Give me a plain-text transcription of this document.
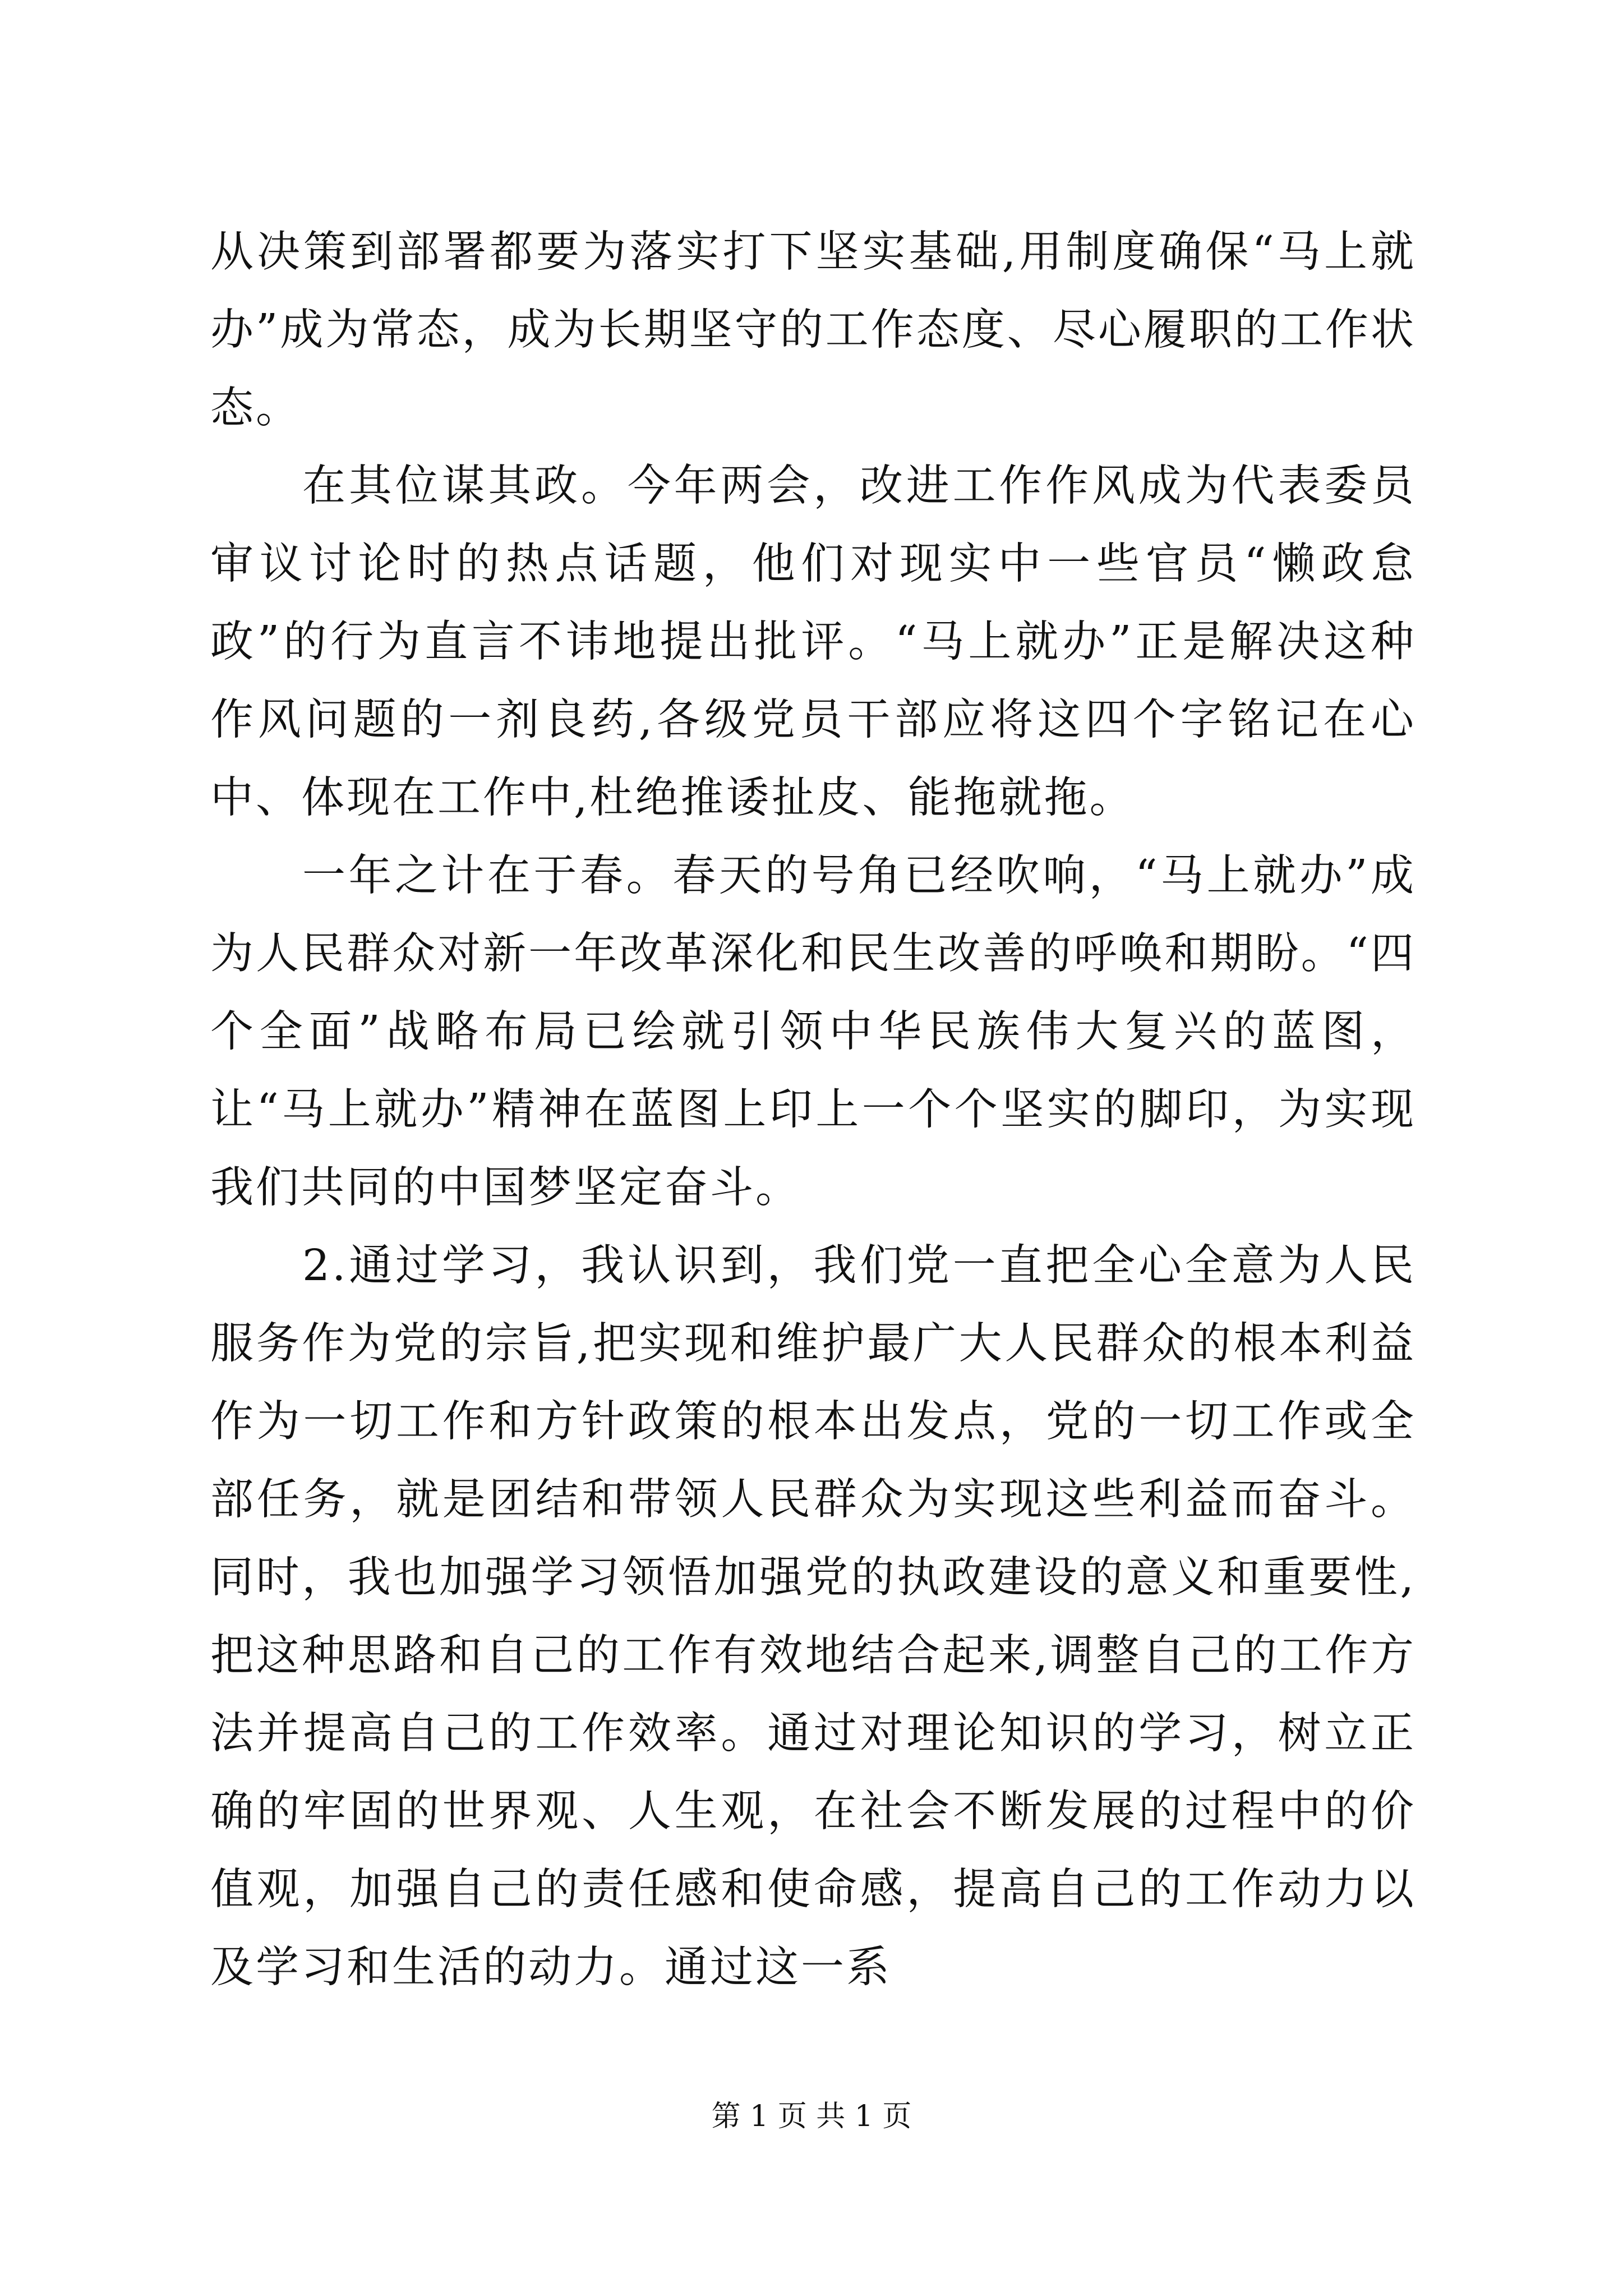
从决策到部署都要为落实打下坚实基础,用制度确保“马上就办”成为常态，成为长期坚守的工作态度、尽心履职的工作状态。

在其位谋其政。今年两会，改进工作作风成为代表委员审议讨论时的热点话题，他们对现实中一些官员“懒政怠政”的行为直言不讳地提出批评。“马上就办”正是解决这种作风问题的一剂良药,各级党员干部应将这四个字铭记在心中、体现在工作中,杜绝推诿扯皮、能拖就拖。

一年之计在于春。春天的号角已经吹响，“马上就办”成为人民群众对新一年改革深化和民生改善的呼唤和期盼。“四个全面”战略布局已绘就引领中华民族伟大复兴的蓝图，让“马上就办”精神在蓝图上印上一个个坚实的脚印，为实现我们共同的中国梦坚定奋斗。

2.通过学习，我认识到，我们党一直把全心全意为人民服务作为党的宗旨,把实现和维护最广大人民群众的根本利益作为一切工作和方针政策的根本出发点，党的一切工作或全部任务，就是团结和带领人民群众为实现这些利益而奋斗。同时，我也加强学习领悟加强党的执政建设的意义和重要性,把这种思路和自己的工作有效地结合起来,调整自己的工作方法并提高自己的工作效率。通过对理论知识的学习，树立正确的牢固的世界观、人生观，在社会不断发展的过程中的价值观，加强自己的责任感和使命感，提高自己的工作动力以及学习和生活的动力。通过这一系

第 1 页 共 1 页
